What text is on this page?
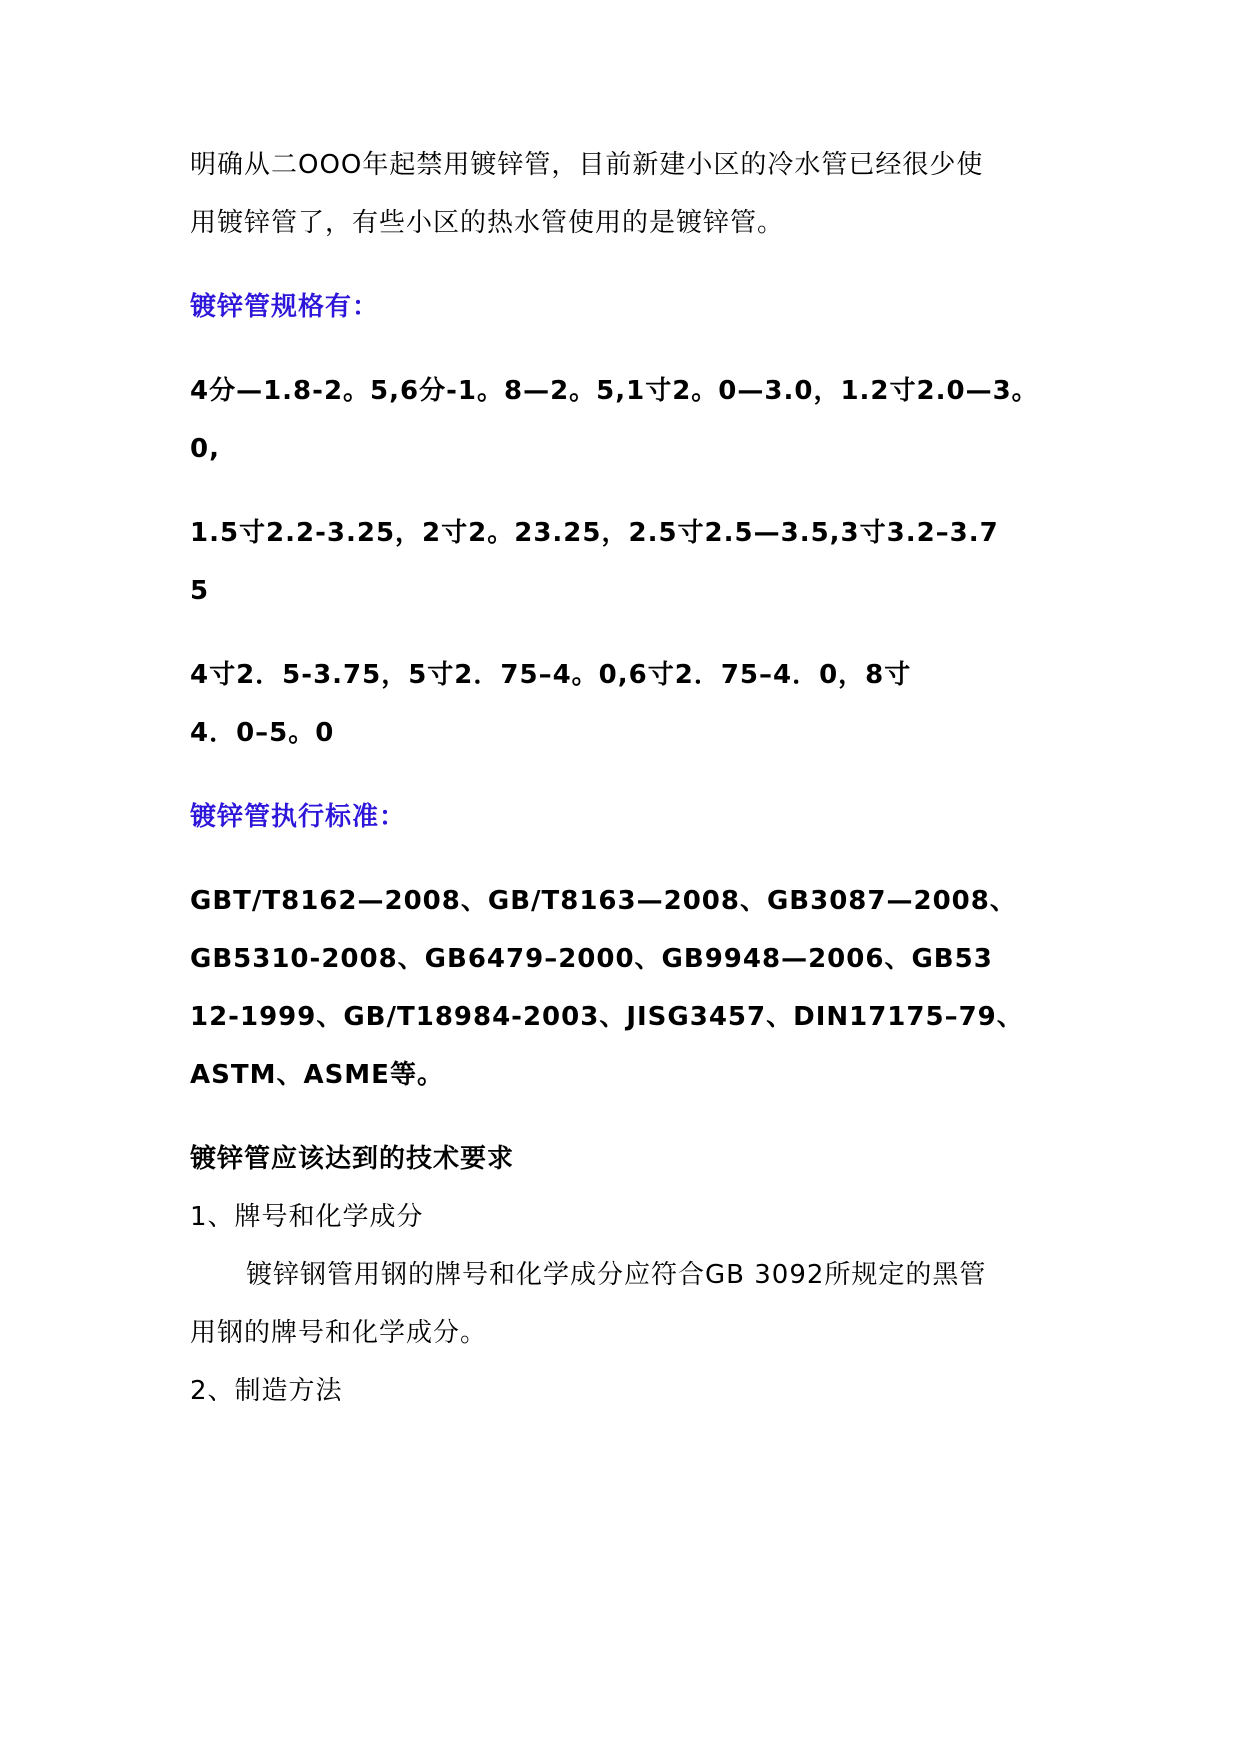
明确从二OOO年起禁用镀锌管，目前新建小区的冷水管已经很少使
用镀锌管了，有些小区的热水管使用的是镀锌管。
镀锌管规格有：
4分—1.8-2。5,6分-1。8—2。5,1寸2。0—3.0，1.2寸2.0—3。
0,
1.5寸2.2-3.25，2寸2。23.25，2.5寸2.5—3.5,3寸3.2–3.7
5
4寸2．5-3.75，5寸2．75–4。0,6寸2．75–4．0，8寸
4．0–5。0
镀锌管执行标准：
GBT/T8162—2008、GB/T8163—2008、GB3087—2008、
GB5310-2008、GB6479–2000、GB9948—2006、GB53
12-1999、GB/T18984-2003、JISG3457、DIN17175–79、
ASTM、ASME等。
镀锌管应该达到的技术要求
1、牌号和化学成分
镀锌钢管用钢的牌号和化学成分应符合GB 3092所规定的黑管
用钢的牌号和化学成分。
2、制造方法
